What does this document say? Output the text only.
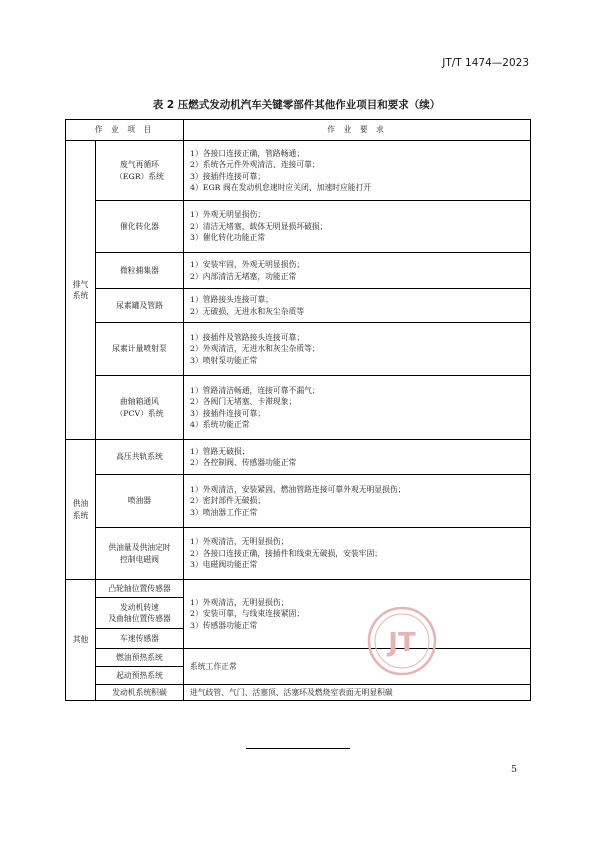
JT/T 1474—2023
表 2 压燃式发动机汽车关键零部件其他作业项目和要求（续）
作 业 项 目		作 业 要 求

排气
系统	废气再循环
（EGR）系统	1）各接口连接正确，管路畅通；
2）系统各元件外观清洁、连接可靠；
3）接插件连接可靠；
4）EGR 阀在发动机怠速时应关闭、加速时应能打开

	催化转化器	1）外观无明显损伤；
2）清洁无堵塞，载体无明显损坏破损；
3）催化转化功能正常

	微粒捕集器	1）安装牢固，外观无明显损伤；
2）内部清洁无堵塞，功能正常

	尿素罐及管路	1）管路接头连接可靠；
2）无破损，无进水和灰尘杂质等

	尿素计量喷射泵	1）接插件及管路接头连接可靠；
2）外观清洁，无进水和灰尘杂质等；
3）喷射泵功能正常

	曲轴箱通风
（PCV）系统	1）管路清洁畅通，连接可靠不漏气；
2）各阀门无堵塞、卡滞现象；
3）接插件连接可靠；
4）系统功能正常

供油
系统	高压共轨系统	1）管路无破损；
2）各控制阀、传感器功能正常

	喷油器	1）外观清洁，安装紧固，燃油管路连接可靠外观无明显损伤；
2）密封部件无破损；
3）喷油器工作正常

	供油量及供油定时
控制电磁阀	1）外观清洁，无明显损伤；
2）各接口连接正确，接插件和线束无破损，安装牢固；
3）电磁阀功能正常

其他	凸轮轴位置传感器	1）外观清洁，无明显损伤；
2）安装可靠，与线束连接紧固；
3）传感器功能正常

	发动机转速
及曲轴位置传感器	

	车速传感器	

	燃油预热系统	系统工作正常

	起动预热系统	

	发动机系统积碳	进气歧管、气门、活塞顶、活塞环及燃烧室表面无明显积碳
JT
5
